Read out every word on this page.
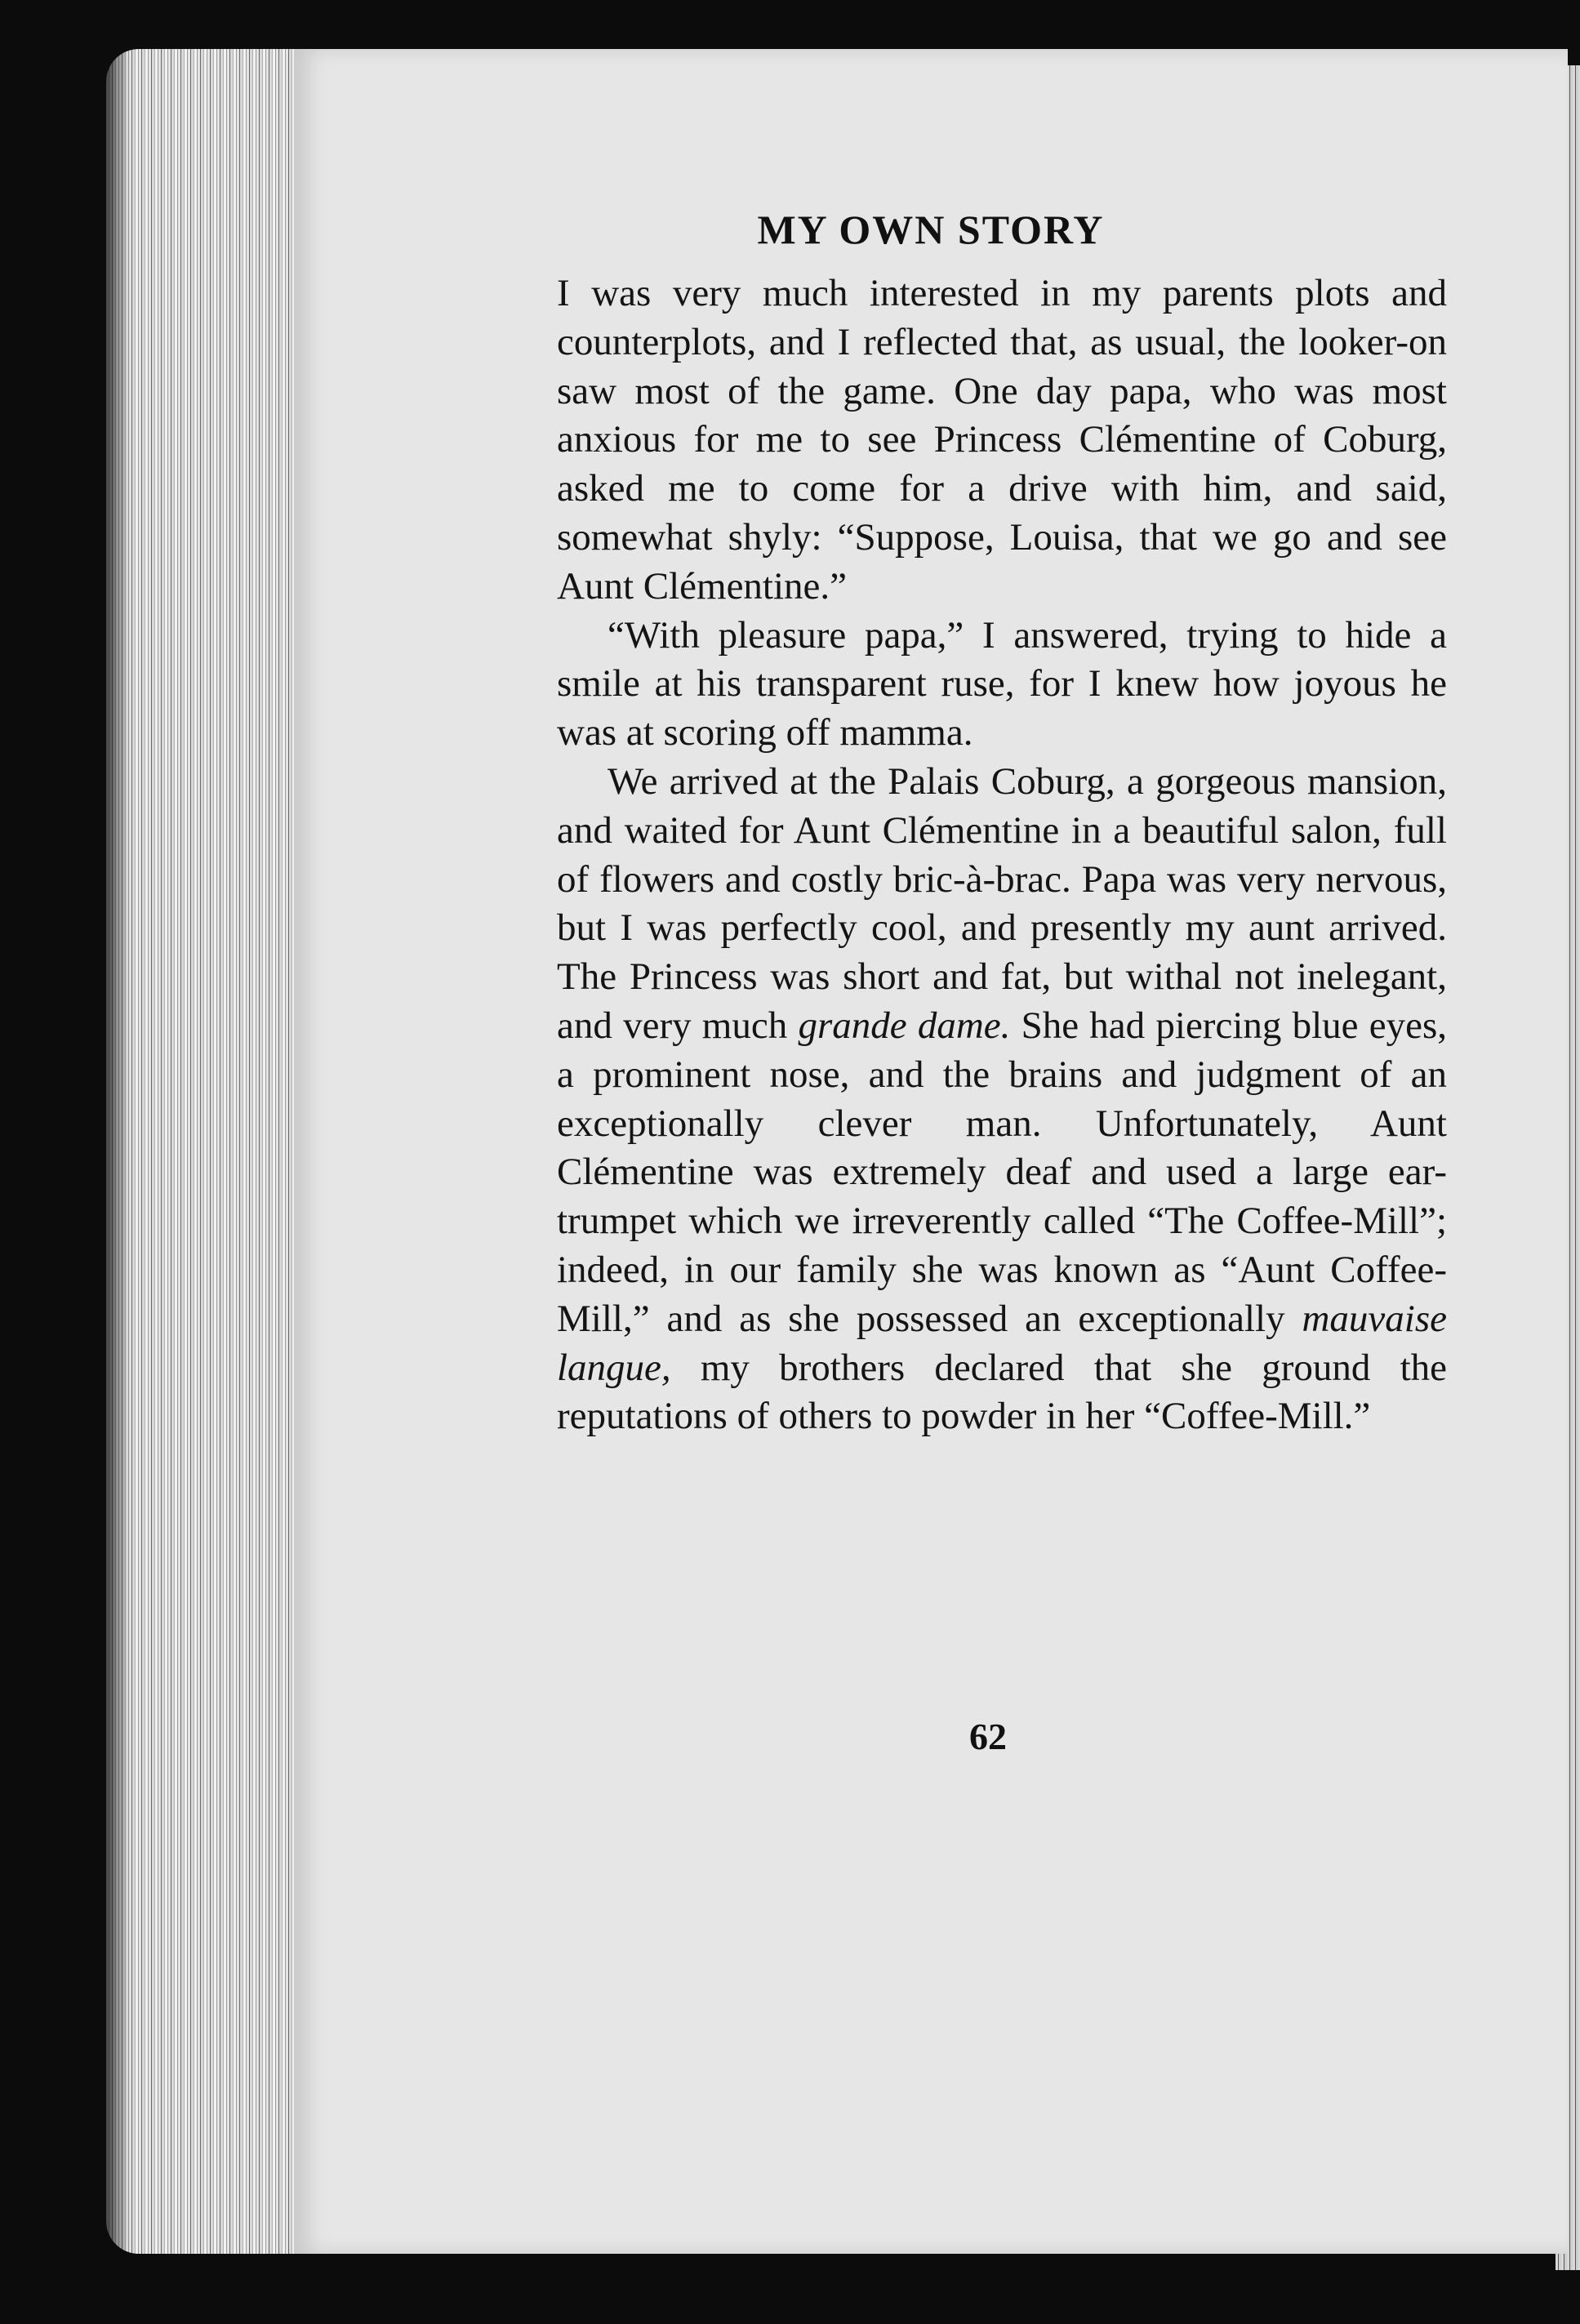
MY OWN STORY

I was very much interested in my parents plots and counterplots, and I reflected that, as usual, the looker-on saw most of the game. One day papa, who was most anxious for me to see Princess Clémentine of Coburg, asked me to come for a drive with him, and said, somewhat shyly: “Suppose, Louisa, that we go and see Aunt Clémentine.”

“With pleasure papa,” I answered, trying to hide a smile at his transparent ruse, for I knew how joyous he was at scoring off mamma.

We arrived at the Palais Coburg, a gorgeous mansion, and waited for Aunt Clémentine in a beautiful salon, full of flowers and costly bric-à-brac. Papa was very nervous, but I was perfectly cool, and presently my aunt arrived. The Princess was short and fat, but withal not inelegant, and very much grande dame. She had piercing blue eyes, a prominent nose, and the brains and judgment of an exceptionally clever man. Unfortunately, Aunt Clémentine was extremely deaf and used a large ear-trumpet which we irreverently called “The Coffee-Mill”; indeed, in our family she was known as “Aunt Coffee-Mill,” and as she possessed an exceptionally mauvaise langue, my brothers declared that she ground the reputations of others to powder in her “Coffee-Mill.”

62
